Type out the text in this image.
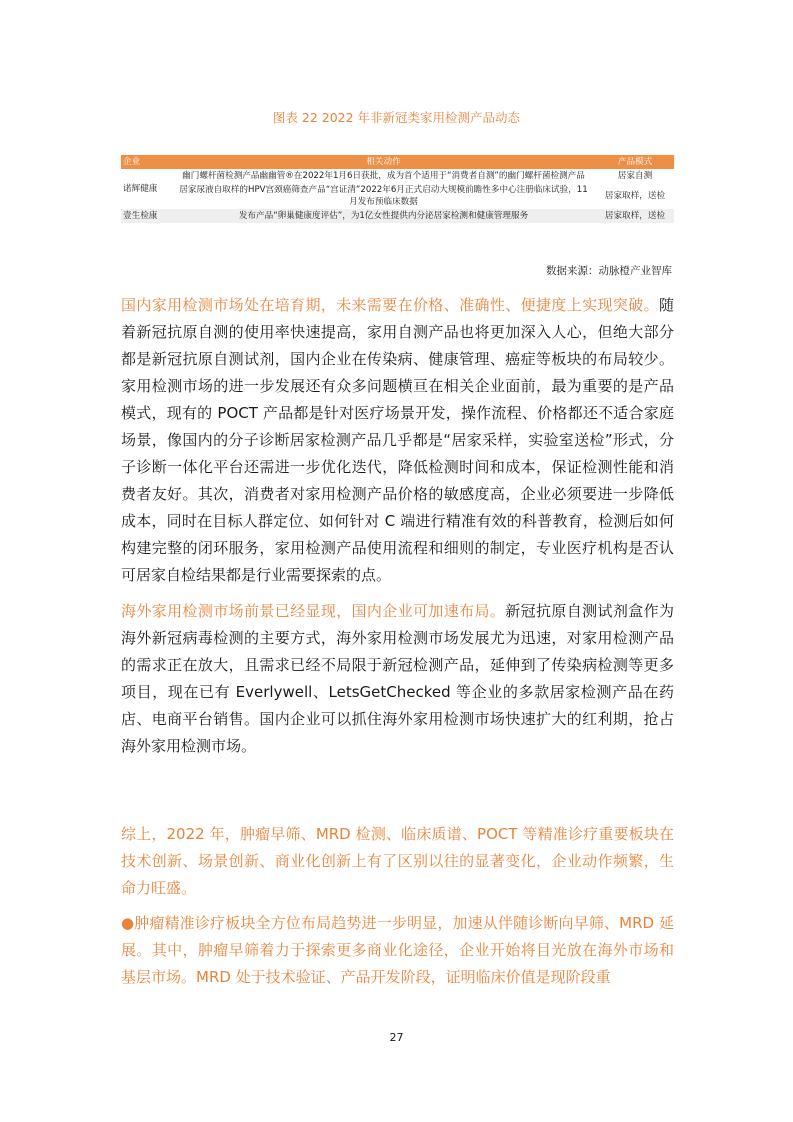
图表 22 2022 年非新冠类家用检测产品动态
企业	相关动作	产品模式
诺辉健康	幽门螺杆菌检测产品幽幽管®在2022年1月6日获批，成为首个适用于“消费者自测”的幽门螺杆菌检测产品	居家自测
	居家尿液自取样的HPV宫颈癌筛查产品“宫证清”2022年6月正式启动大规模前瞻性多中心注册临床试验，11月发布预临床数据	居家取样，送检
壹生检康	发布产品“卵巢健康度评估”，为1亿女性提供内分泌居家检测和健康管理服务	居家取样，送检
数据来源：动脉橙产业智库

国内家用检测市场处在培育期，未来需要在价格、准确性、便捷度上实现突破。随着新冠抗原自测的使用率快速提高，家用自测产品也将更加深入人心，但绝大部分都是新冠抗原自测试剂，国内企业在传染病、健康管理、癌症等板块的布局较少。家用检测市场的进一步发展还有众多问题横亘在相关企业面前，最为重要的是产品模式，现有的 POCT 产品都是针对医疗场景开发，操作流程、价格都还不适合家庭场景，像国内的分子诊断居家检测产品几乎都是“居家采样，实验室送检”形式，分子诊断一体化平台还需进一步优化迭代，降低检测时间和成本，保证检测性能和消费者友好。其次，消费者对家用检测产品价格的敏感度高，企业必须要进一步降低成本，同时在目标人群定位、如何针对 C 端进行精准有效的科普教育，检测后如何构建完整的闭环服务，家用检测产品使用流程和细则的制定，专业医疗机构是否认可居家自检结果都是行业需要探索的点。

海外家用检测市场前景已经显现，国内企业可加速布局。新冠抗原自测试剂盒作为海外新冠病毒检测的主要方式，海外家用检测市场发展尤为迅速，对家用检测产品的需求正在放大，且需求已经不局限于新冠检测产品，延伸到了传染病检测等更多项目，现在已有 Everlywell、LetsGetChecked 等企业的多款居家检测产品在药店、电商平台销售。国内企业可以抓住海外家用检测市场快速扩大的红利期，抢占海外家用检测市场。

综上，2022 年，肿瘤早筛、MRD 检测、临床质谱、POCT 等精准诊疗重要板块在技术创新、场景创新、商业化创新上有了区别以往的显著变化，企业动作频繁，生命力旺盛。

●肿瘤精准诊疗板块全方位布局趋势进一步明显，加速从伴随诊断向早筛、MRD 延展。其中，肿瘤早筛着力于探索更多商业化途径，企业开始将目光放在海外市场和基层市场。MRD 处于技术验证、产品开发阶段，证明临床价值是现阶段重

27
